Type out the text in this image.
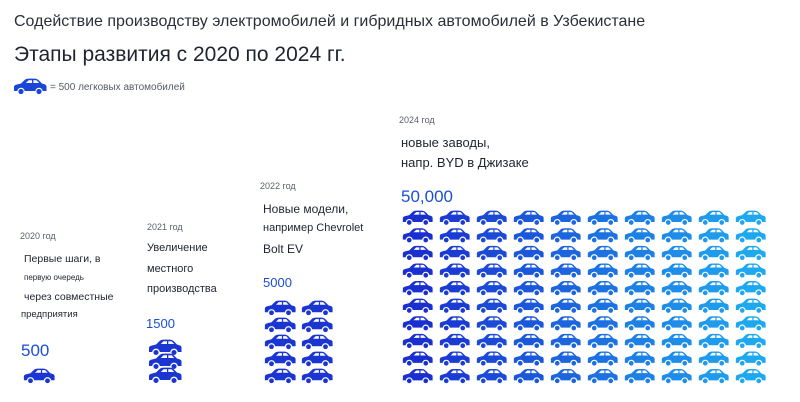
Содействие производству электромобилей и гибридных автомобилей в Узбекистане
Этапы развития с 2020 по 2024 гг.
= 500 легковых автомобилей
2020 год
Первые шаги, в
первую очередь
через совместные
предприятия
500
2021 год
Увеличение
местного
производства
1500
2022 год
Новые модели,
например Chevrolet
Bolt EV
5000
2024 год
новые заводы,
напр. BYD в Джизаке
50,000
